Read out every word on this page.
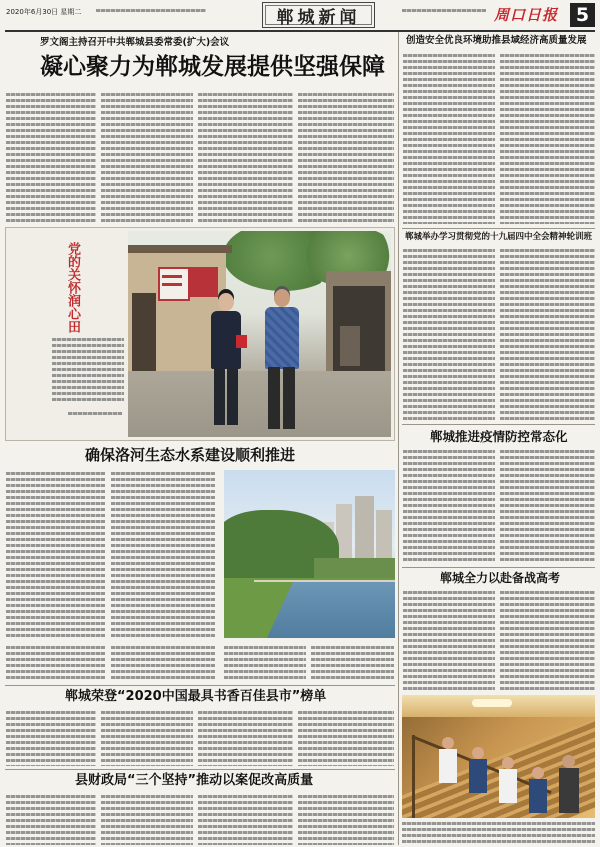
2020年6月30日 星期二	郸城新闻	周口日报 5
罗文阁主持召开中共郸城县委常委(扩大)会议
凝心聚力为郸城发展提供坚强保障
党的关怀润心田
确保洛河生态水系建设顺利推进
郸城荣登“2020中国最具书香百佳县市”榜单
县财政局“三个坚持”推动以案促改高质量
创造安全优良环境助推县域经济高质量发展
郸城举办学习贯彻党的十九届四中全会精神轮训班
郸城推进疫情防控常态化
郸城全力以赴备战高考
